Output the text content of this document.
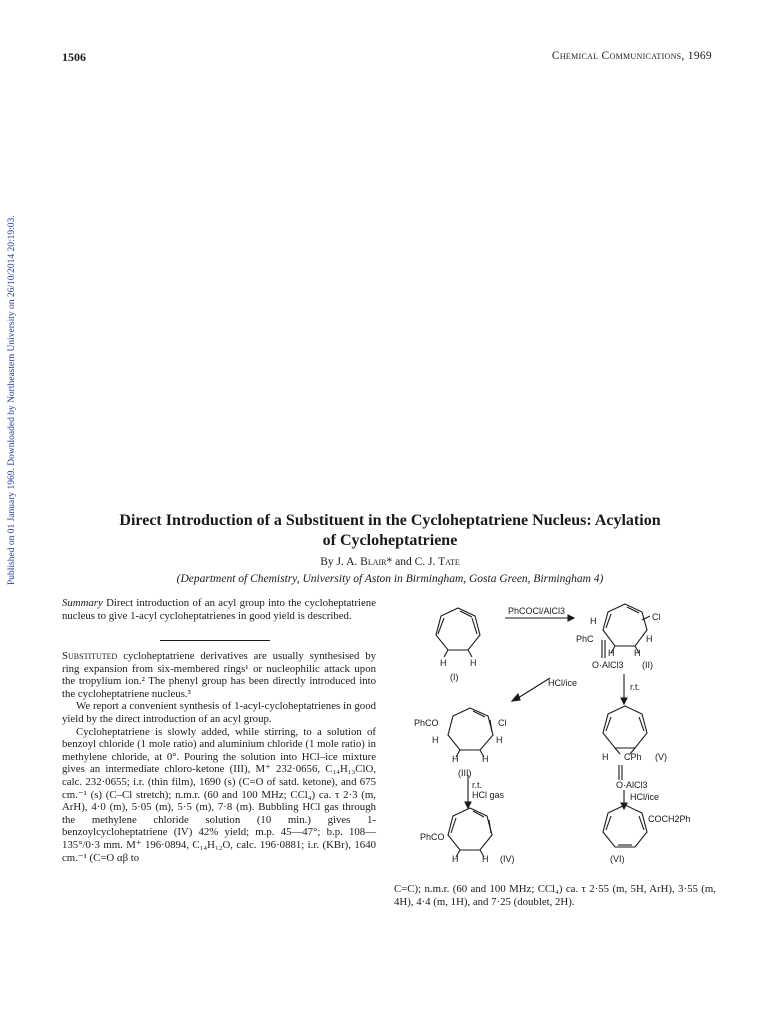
1506	Chemical Communications, 1969
Published on 01 January 1969. Downloaded by Northeastern University on 26/10/2014 20:19:03.	Direct Introduction of a Substituent in the Cycloheptatriene Nucleus: Acylation
of Cycloheptatriene
By J. A. Blair* and C. J. Tate
(Department of Chemistry, University of Aston in Birmingham, Gosta Green, Birmingham 4)
Summary Direct introduction of an acyl group into the cycloheptatriene nucleus to give 1-acyl cycloheptatrienes in good yield is described.

Substituted cycloheptatriene derivatives are usually synthesised by ring expansion from six-membered rings¹ or nucleophilic attack upon the tropylium ion.² The phenyl group has been directly introduced into the cycloheptatriene nucleus.³

We report a convenient synthesis of 1-acyl-cycloheptatrienes in good yield by the direct introduction of an acyl group.

Cycloheptatriene is slowly added, while stirring, to a solution of benzoyl chloride (1 mole ratio) and aluminium chloride (1 mole ratio) in methylene chloride, at 0°. Pouring the solution into HCl–ice mixture gives an intermediate chloro-ketone (III), M⁺ 232·0656, C₁₄H₁₃ClO, calc. 232·0655; i.r. (thin film), 1690 (s) (C=O of satd. ketone), and 675 cm.⁻¹ (s) (C–Cl stretch); n.m.r. (60 and 100 MHz; CCl₄) ca. τ 2·3 (m, ArH), 4·0 (m), 5·05 (m), 5·5 (m), 7·8 (m). Bubbling HCl gas through the methylene chloride solution (10 min.) gives 1-benzoylcycloheptatriene (IV) 42% yield; m.p. 45—47°; b.p. 108—135°/0·3 mm. M⁺ 196·0894, C₁₄H₁₂O, calc. 196·0881; i.r. (KBr), 1640 cm.⁻¹ (C=O αβ to

C=C); n.m.r. (60 and 100 MHz; CCl₄) ca. τ 2·55 (m, 5H, ArH), 3·55 (m, 4H), 4·4 (m, 1H), and 7·25 (doublet, 2H).
PhCOCl/AlCl3
H	H
(I)
H	Cl
H
PhC
H H
O·AlCl3 (II)
HCl/ice	r.t.
PhCO	Cl
H	H
H	H
(III)
r.t.
HCl gas
PhCO
H	H (IV)
H CPh (V)
O·AlCl3
HCl/ice
COCH2Ph
(VI)
